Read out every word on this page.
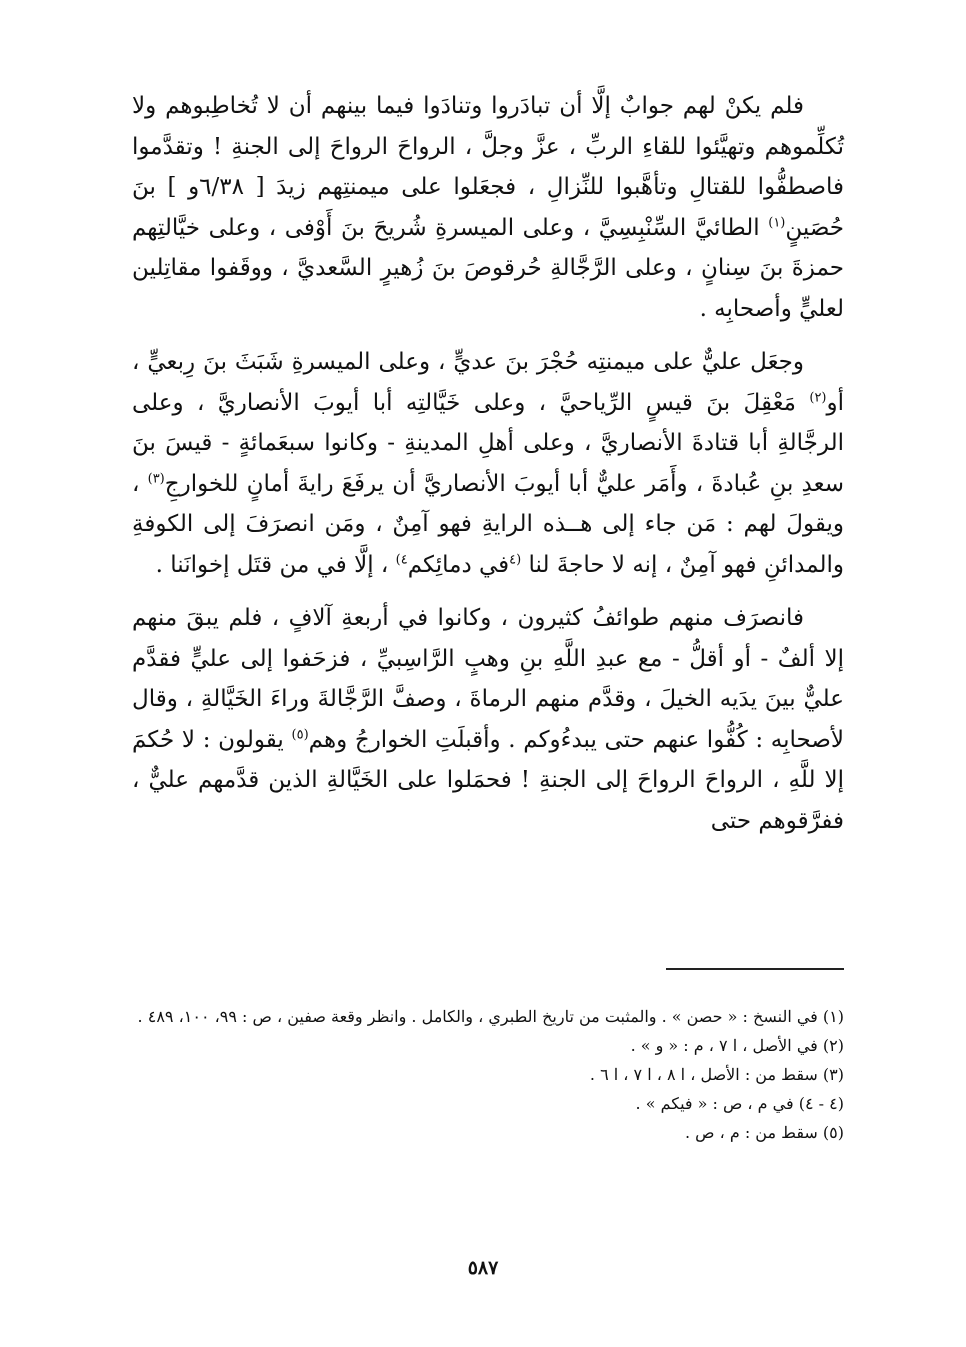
فلم يكنْ لهم جوابٌ إلَّا أن تبادَروا وتنادَوا فيما بينهم أن لا تُخاطِبوهم ولا تُكلِّموهم وتهيَّئوا للقاءِ الربِّ ، عزَّ وجلَّ ، الرواحَ الرواحَ إلى الجنةِ ! وتقدَّموا فاصطفُّوا للقتالِ وتأهَّبوا للنِّزالِ ، فجعَلوا على ميمنتِهم زيدَ [ ٦/٣٨و ] بنَ حُصَينٍ$^{(١)}$ الطائيَّ السِّنْبِسِيَّ ، وعلى الميسرةِ شُريحَ بنَ أَوْفى ، وعلى خيَّالتِهم حمزةَ بنَ سِنانٍ ، وعلى الرَّجَّالةِ حُرقوصَ بنَ زُهيرٍ السَّعديَّ ، ووقَفوا مقاتِلين لعليٍّ وأصحابِه .

وجعَل عليٌّ على ميمنتِه حُجْرَ بنَ عديٍّ ، وعلى الميسرةِ شَبَثَ بنَ رِبعيٍّ ، أو$^{(٢)}$ مَعْقِلَ بنَ قيسٍ الرِّياحيَّ ، وعلى خَيَّالتِه أبا أيوبَ الأنصاريَّ ، وعلى الرجَّالةِ أبا قتادةَ الأنصاريَّ ، وعلى أهلِ المدينةِ - وكانوا سبعَمائةٍ - قيسَ بنَ سعدِ بنِ عُبادةَ ، وأَمَر عليٌّ أبا أيوبَ الأنصاريَّ أن يرفَعَ رايةَ أمانٍ للخوارجِ$^{(٣)}$ ، ويقولَ لهم : مَن جاء إلى هــذه الرايةِ فهو آمِنٌ ، ومَن انصرَفَ إلى الكوفةِ والمدائنِ فهو آمِنٌ ، إنه لا حاجةَ لنا $^{(٤}$في دمائِكم$^{٤)}$ ، إلَّا في من قتَل إخوانَنا .

فانصرَف منهم طوائفُ كثيرون ، وكانوا في أربعةِ آلافٍ ، فلم يبقَ منهم إلا ألفٌ - أو أقلُّ - مع عبدِ اللَّهِ بنِ وهبٍ الرَّاسِبيِّ ، فزحَفوا إلى عليٍّ فقدَّم عليٌّ بينَ يدَيه الخيلَ ، وقدَّم منهم الرماةَ ، وصفَّ الرَّجَّالةَ وراءَ الخَيَّالةِ ، وقال لأصحابِه : كُفُّوا عنهم حتى يبدءُوكم . وأقبلَتِ الخوارجُ وهم$^{(٥)}$ يقولون : لا حُكمَ إلا للَّهِ ، الرواحَ الرواحَ إلى الجنةِ ! فحمَلوا على الخَيَّالةِ الذين قدَّمهم عليٌّ ، ففرَّقوهم حتى

(١) في النسخ : « حصن » . والمثبت من تاريخ الطبري ، والكامل . وانظر وقعة صفين ، ص : ٩٩، ١٠٠، ٤٨٩ .

(٢) في الأصل ، ا ٧ ، م : « و » .

(٣) سقط من : الأصل ، ا ٨ ، ا ٧ ، ا ٦ .

(٤ - ٤) في م ، ص : « فيكم » .

(٥) سقط من : م ، ص .

٥٨٧
